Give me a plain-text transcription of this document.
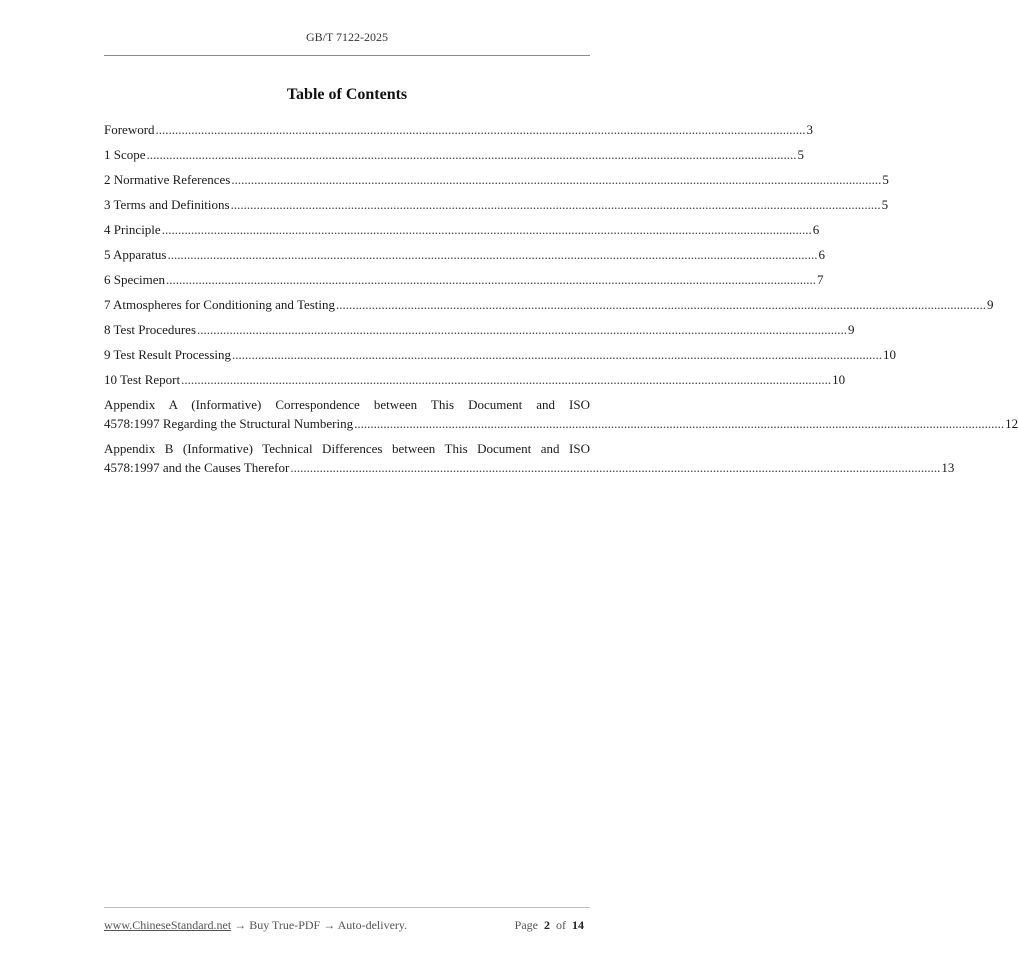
GB/T 7122-2025
Table of Contents
Foreword ........................................................................................................................................................................................................ 3
1 Scope ........................................................................................................................................................................................................ 5
2 Normative References ........................................................................................................................................................................................................ 5
3 Terms and Definitions ........................................................................................................................................................................................................ 5
4 Principle ........................................................................................................................................................................................................ 6
5 Apparatus ........................................................................................................................................................................................................ 6
6 Specimen ........................................................................................................................................................................................................ 7
7 Atmospheres for Conditioning and Testing ........................................................................................................................................................................................................ 9
8 Test Procedures ........................................................................................................................................................................................................ 9
9 Test Result Processing ........................................................................................................................................................................................................ 10
10 Test Report ........................................................................................................................................................................................................ 10
Appendix A (Informative) Correspondence between This Document and ISO
4578:1997 Regarding the Structural Numbering ........................................................................................................................................................................................................ 12
Appendix B (Informative) Technical Differences between This Document and ISO
4578:1997 and the Causes Therefor ........................................................................................................................................................................................................ 13
www.ChineseStandard.net → Buy True-PDF → Auto-delivery.	Page 2 of 14
